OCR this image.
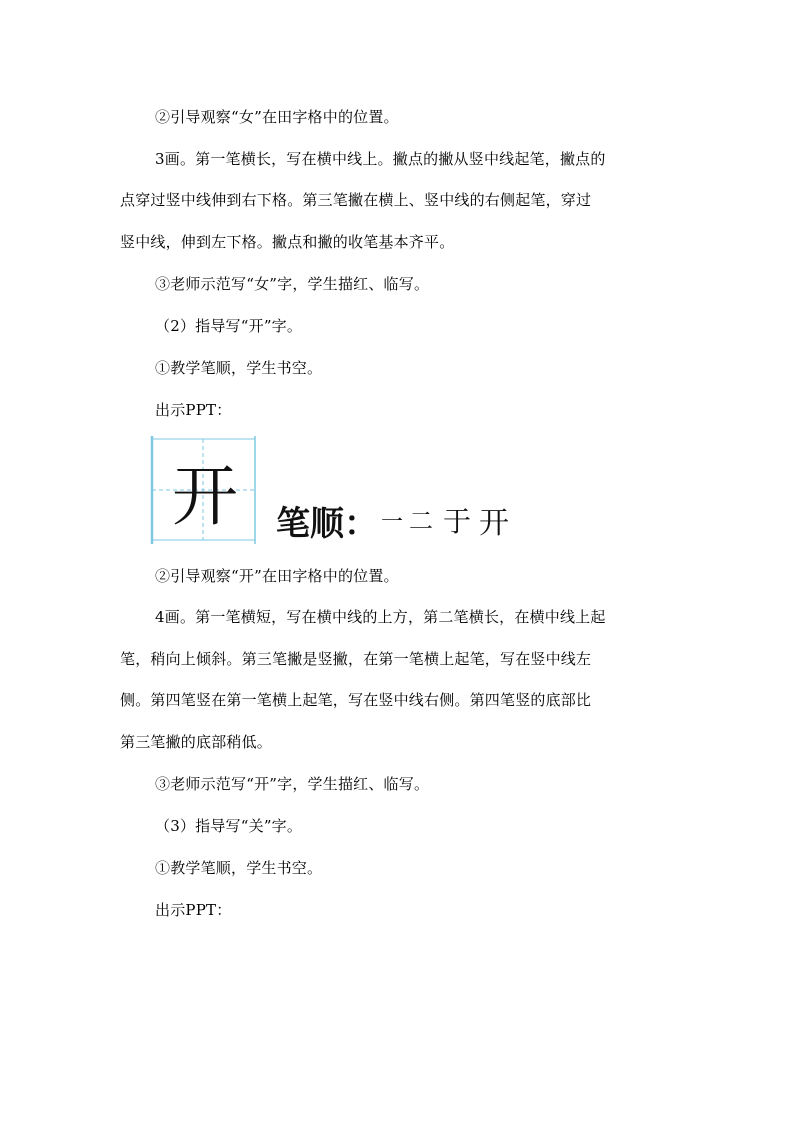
②引导观察“女”在田字格中的位置。
3画。第一笔横长，写在横中线上。撇点的撇从竖中线起笔，撇点的
点穿过竖中线伸到右下格。第三笔撇在横上、竖中线的右侧起笔，穿过
竖中线，伸到左下格。撇点和撇的收笔基本齐平。
③老师示范写“女”字，学生描红、临写。
（2）指导写“开”字。
①教学笔顺，学生书空。
出示PPT：
开 笔顺： 一 二 于 开
②引导观察“开”在田字格中的位置。
4画。第一笔横短，写在横中线的上方，第二笔横长，在横中线上起
笔，稍向上倾斜。第三笔撇是竖撇，在第一笔横上起笔，写在竖中线左
侧。第四笔竖在第一笔横上起笔，写在竖中线右侧。第四笔竖的底部比
第三笔撇的底部稍低。
③老师示范写“开”字，学生描红、临写。
（3）指导写“关”字。
①教学笔顺，学生书空。
出示PPT：
